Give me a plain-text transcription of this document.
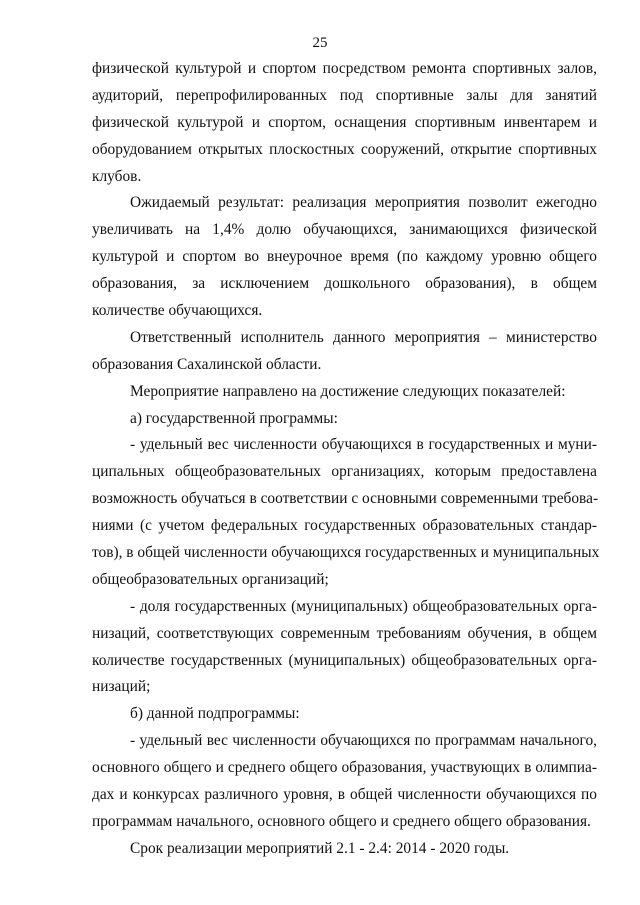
25
физической культурой и спортом посредством ремонта спортивных залов,
аудиторий, перепрофилированных под спортивные залы для занятий
физической культурой и спортом, оснащения спортивным инвентарем и
оборудованием открытых плоскостных сооружений, открытие спортивных
клубов.
Ожидаемый результат: реализация мероприятия позволит ежегодно
увеличивать на 1,4% долю обучающихся, занимающихся физической
культурой и спортом во внеурочное время (по каждому уровню общего
образования, за исключением дошкольного образования), в общем
количестве обучающихся.
Ответственный исполнитель данного мероприятия – министерство
образования Сахалинской области.
Мероприятие направлено на достижение следующих показателей:
а) государственной программы:
- удельный вес численности обучающихся в государственных и муни-
ципальных общеобразовательных организациях, которым предоставлена
возможность обучаться в соответствии с основными современными требова-
ниями (с учетом федеральных государственных образовательных стандар-
тов), в общей численности обучающихся государственных и муниципальных
общеобразовательных организаций;
- доля государственных (муниципальных) общеобразовательных орга-
низаций, соответствующих современным требованиям обучения, в общем
количестве государственных (муниципальных) общеобразовательных орга-
низаций;
б) данной подпрограммы:
- удельный вес численности обучающихся по программам начального,
основного общего и среднего общего образования, участвующих в олимпиа-
дах и конкурсах различного уровня, в общей численности обучающихся по
программам начального, основного общего и среднего общего образования.
Срок реализации мероприятий 2.1 - 2.4: 2014 - 2020 годы.
